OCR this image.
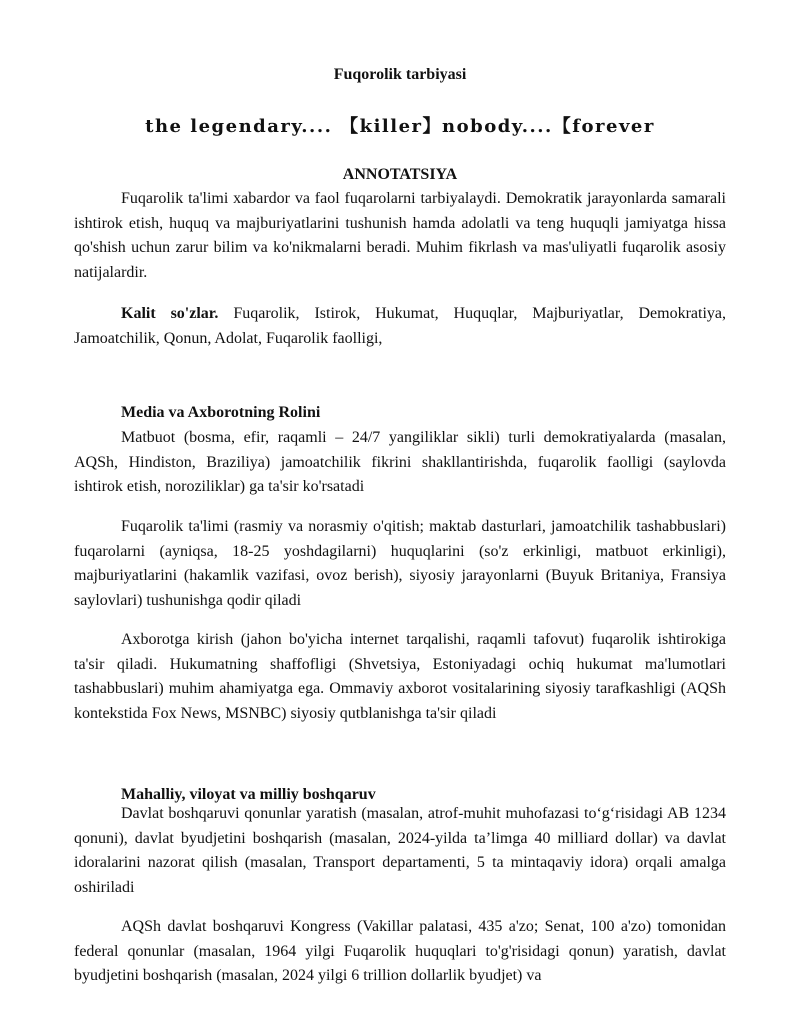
Fuqorolik tarbiyasi
the legendary.... 【killer】nobody....【forever
ANNOTATSIYA

Fuqarolik ta'limi xabardor va faol fuqarolarni tarbiyalaydi. Demokratik jarayonlarda samarali ishtirok etish, huquq va majburiyatlarini tushunish hamda adolatli va teng huquqli jamiyatga hissa qo'shish uchun zarur bilim va ko'nikmalarni beradi. Muhim fikrlash va mas'uliyatli fuqarolik asosiy natijalardir.

Kalit so'zlar. Fuqarolik, Istirok, Hukumat, Huquqlar, Majburiyatlar, Demokratiya, Jamoatchilik, Qonun, Adolat, Fuqarolik faolligi,

Media va Axborotning Rolini

Matbuot (bosma, efir, raqamli – 24/7 yangiliklar sikli) turli demokratiyalarda (masalan, AQSh, Hindiston, Braziliya) jamoatchilik fikrini shakllantirishda, fuqarolik faolligi (saylovda ishtirok etish, noroziliklar) ga ta'sir ko'rsatadi

Fuqarolik ta'limi (rasmiy va norasmiy o'qitish; maktab dasturlari, jamoatchilik tashabbuslari) fuqarolarni (ayniqsa, 18-25 yoshdagilarni) huquqlarini (so'z erkinligi, matbuot erkinligi), majburiyatlarini (hakamlik vazifasi, ovoz berish), siyosiy jarayonlarni (Buyuk Britaniya, Fransiya saylovlari) tushunishga qodir qiladi

Axborotga kirish (jahon bo'yicha internet tarqalishi, raqamli tafovut) fuqarolik ishtirokiga ta'sir qiladi. Hukumatning shaffofligi (Shvetsiya, Estoniyadagi ochiq hukumat ma'lumotlari tashabbuslari) muhim ahamiyatga ega. Ommaviy axborot vositalarining siyosiy tarafkashligi (AQSh kontekstida Fox News, MSNBC) siyosiy qutblanishga ta'sir qiladi

Mahalliy, viloyat va milliy boshqaruv

Davlat boshqaruvi qonunlar yaratish (masalan, atrof-muhit muhofazasi to‘g‘risidagi AB 1234 qonuni), davlat byudjetini boshqarish (masalan, 2024-yilda ta’limga 40 milliard dollar) va davlat idoralarini nazorat qilish (masalan, Transport departamenti, 5 ta mintaqaviy idora) orqali amalga oshiriladi

AQSh davlat boshqaruvi Kongress (Vakillar palatasi, 435 a'zo; Senat, 100 a'zo) tomonidan federal qonunlar (masalan, 1964 yilgi Fuqarolik huquqlari to'g'risidagi qonun) yaratish, davlat byudjetini boshqarish (masalan, 2024 yilgi 6 trillion dollarlik byudjet) va
